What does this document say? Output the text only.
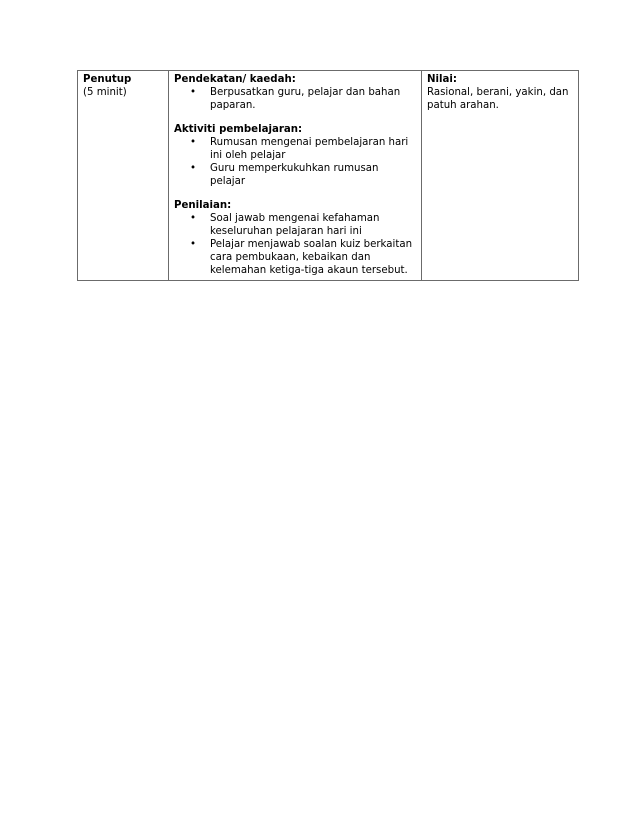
Penutup
(5 minit)

Pendekatan/ kaedah:
• Berpusatkan guru, pelajar dan bahan paparan.
Aktiviti pembelajaran:
• Rumusan mengenai pembelajaran hari ini oleh pelajar
• Guru memperkukuhkan rumusan pelajar
Penilaian:
• Soal jawab mengenai kefahaman keseluruhan pelajaran hari ini
• Pelajar menjawab soalan kuiz berkaitan cara pembukaan, kebaikan dan kelemahan ketiga-tiga akaun tersebut.

Nilai:
Rasional, berani, yakin, dan patuh arahan.
